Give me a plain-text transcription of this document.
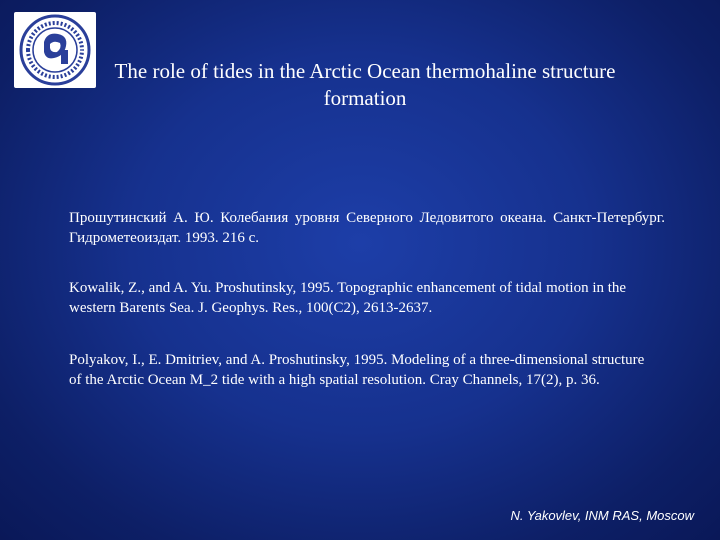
The role of tides in the Arctic Ocean thermohaline structure formation
Прошутинский А. Ю. Колебания уровня Северного Ледовитого океана. Санкт-Петербург. Гидрометеоиздат. 1993. 216 с.
Kowalik, Z., and A. Yu. Proshutinsky, 1995. Topographic enhancement of tidal motion in the western Barents Sea. J. Geophys. Res., 100(C2), 2613-2637.
Polyakov, I., E. Dmitriev, and A. Proshutinsky, 1995. Modeling of a three-dimensional structure of the Arctic Ocean M_2 tide with a high spatial resolution. Cray Channels, 17(2), p. 36.
N. Yakovlev, INM RAS, Moscow
